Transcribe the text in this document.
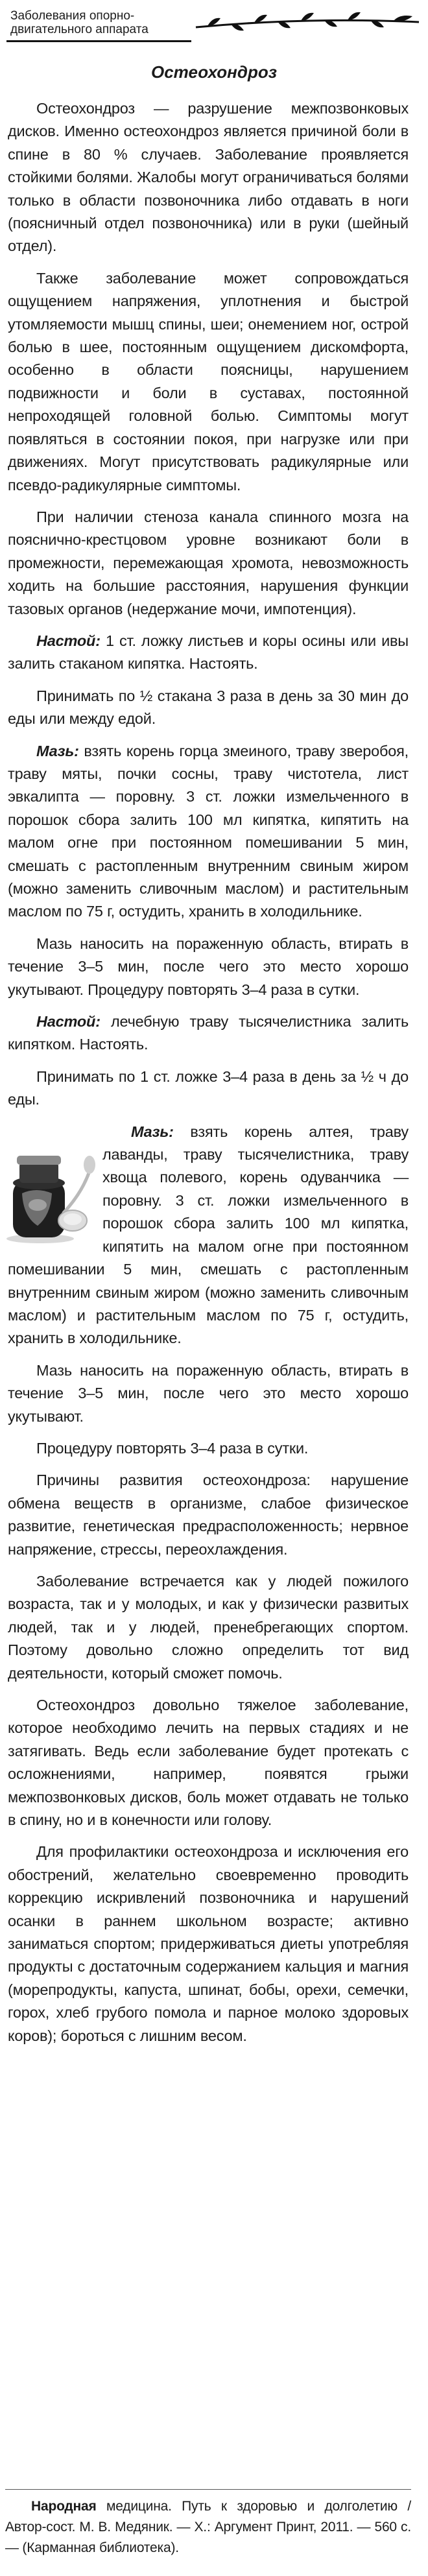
Заболевания опорно-
двигательного аппарата

Остеохондроз

Остеохондроз — разрушение межпозвонковых дисков. Именно остеохондроз является причиной боли в спине в 80 % случаев. Заболевание проявляется стойкими болями. Жалобы могут ограничиваться болями только в области позвоночника либо отдавать в ноги (поясничный отдел позвоночника) или в руки (шейный отдел).

Также заболевание может сопровождаться ощущением напряжения, уплотнения и быстрой утомляемости мышц спины, шеи; онемением ног, острой болью в шее, постоянным ощущением дискомфорта, особенно в области поясницы, нарушением подвижности и боли в суставах, постоянной непроходящей головной болью. Симптомы могут появляться в состоянии покоя, при нагрузке или при движениях. Могут присутствовать радикулярные или псевдо-радикулярные симптомы.

При наличии стеноза канала спинного мозга на пояснично-крестцовом уровне возникают боли в промежности, перемежающая хромота, невозможность ходить на большие расстояния, нарушения функции тазовых органов (недержание мочи, импотенция).

Настой: 1 ст. ложку листьев и коры осины или ивы залить стаканом кипятка. Настоять.

Принимать по ½ стакана 3 раза в день за 30 мин до еды или между едой.

Мазь: взять корень горца змеиного, траву зверобоя, траву мяты, почки сосны, траву чистотела, лист эвкалипта — поровну. 3 ст. ложки измельченного в порошок сбора залить 100 мл кипятка, кипятить на малом огне при постоянном помешивании 5 мин, смешать с растопленным внутренним свиным жиром (можно заменить сливочным маслом) и растительным маслом по 75 г, остудить, хранить в холодильнике.

Мазь наносить на пораженную область, втирать в течение 3–5 мин, после чего это место хорошо укутывают. Процедуру повторять 3–4 раза в сутки.

Настой: лечебную траву тысячелистника залить кипятком. Настоять.

Принимать по 1 ст. ложке 3–4 раза в день за ½ ч до еды.

Мазь: взять корень алтея, траву лаванды, траву тысячелистника, траву хвоща полевого, корень одуванчика — поровну. 3 ст. ложки измельченного в порошок сбора залить 100 мл кипятка, кипятить на малом огне при постоянном помешивании 5 мин, смешать с растопленным внутренним свиным жиром (можно заменить сливочным маслом) и растительным маслом по 75 г, остудить, хранить в холодильнике.

Мазь наносить на пораженную область, втирать в течение 3–5 мин, после чего это место хорошо укутывают.

Процедуру повторять 3–4 раза в сутки.

Причины развития остеохондроза: нарушение обмена веществ в организме, слабое физическое развитие, генетическая предрасположенность; нервное напряжение, стрессы, переохлаждения.

Заболевание встречается как у людей пожилого возраста, так и у молодых, и как у физически развитых людей, так и у людей, пренебрегающих спортом. Поэтому довольно сложно определить тот вид деятельности, который сможет помочь.

Остеохондроз довольно тяжелое заболевание, которое необходимо лечить на первых стадиях и не затягивать. Ведь если заболевание будет протекать с осложнениями, например, появятся грыжи межпозвонковых дисков, боль может отдавать не только в спину, но и в конечности или голову.

Для профилактики остеохондроза и исключения его обострений, желательно своевременно проводить коррекцию искривлений позвоночника и нарушений осанки в раннем школьном возрасте; активно заниматься спортом; придерживаться диеты употребляя продукты с достаточным содержанием кальция и магния (морепродукты, капуста, шпинат, бобы, орехи, семечки, горох, хлеб грубого помола и парное молоко здоровых коров); бороться с лишним весом.

Народная медицина. Путь к здоровью и долголетию / Автор-сост. М. В. Медяник. — Х.: Аргумент Принт, 2011. — 560 с. — (Карманная библиотека).
